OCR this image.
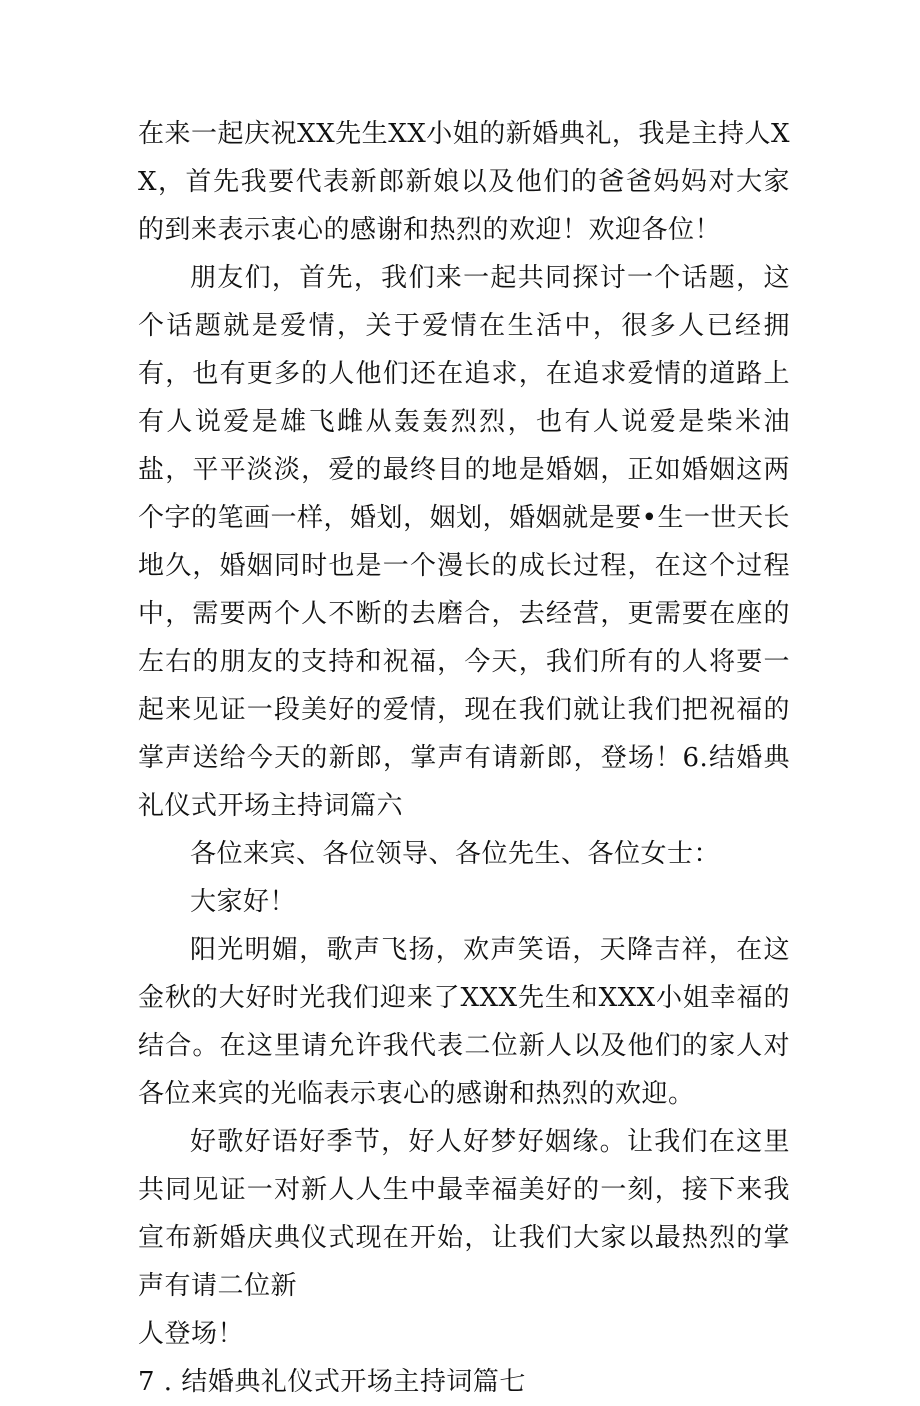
在来一起庆祝XX先生XX小姐的新婚典礼，我是主持人XX，首先我要代表新郎新娘以及他们的爸爸妈妈对大家的到来表示衷心的感谢和热烈的欢迎！欢迎各位！

朋友们，首先，我们来一起共同探讨一个话题，这个话题就是爱情，关于爱情在生活中，很多人已经拥有，也有更多的人他们还在追求，在追求爱情的道路上有人说爱是雄飞雌从轰轰烈烈，也有人说爱是柴米油盐，平平淡淡，爱的最终目的地是婚姻，正如婚姻这两个字的笔画一样，婚划，姻划，婚姻就是要•生一世天长地久，婚姻同时也是一个漫长的成长过程，在这个过程中，需要两个人不断的去磨合，去经营，更需要在座的左右的朋友的支持和祝福，今天，我们所有的人将要一起来见证一段美好的爱情，现在我们就让我们把祝福的掌声送给今天的新郎，掌声有请新郎，登场！6.结婚典礼仪式开场主持词篇六

各位来宾、各位领导、各位先生、各位女士：

大家好！

阳光明媚，歌声飞扬，欢声笑语，天降吉祥，在这金秋的大好时光我们迎来了XXX先生和XXX小姐幸福的结合。在这里请允许我代表二位新人以及他们的家人对各位来宾的光临表示衷心的感谢和热烈的欢迎。

好歌好语好季节，好人好梦好姻缘。让我们在这里共同见证一对新人人生中最幸福美好的一刻，接下来我宣布新婚庆典仪式现在开始，让我们大家以最热烈的掌声有请二位新

人登场！

7 . 结婚典礼仪式开场主持词篇七
